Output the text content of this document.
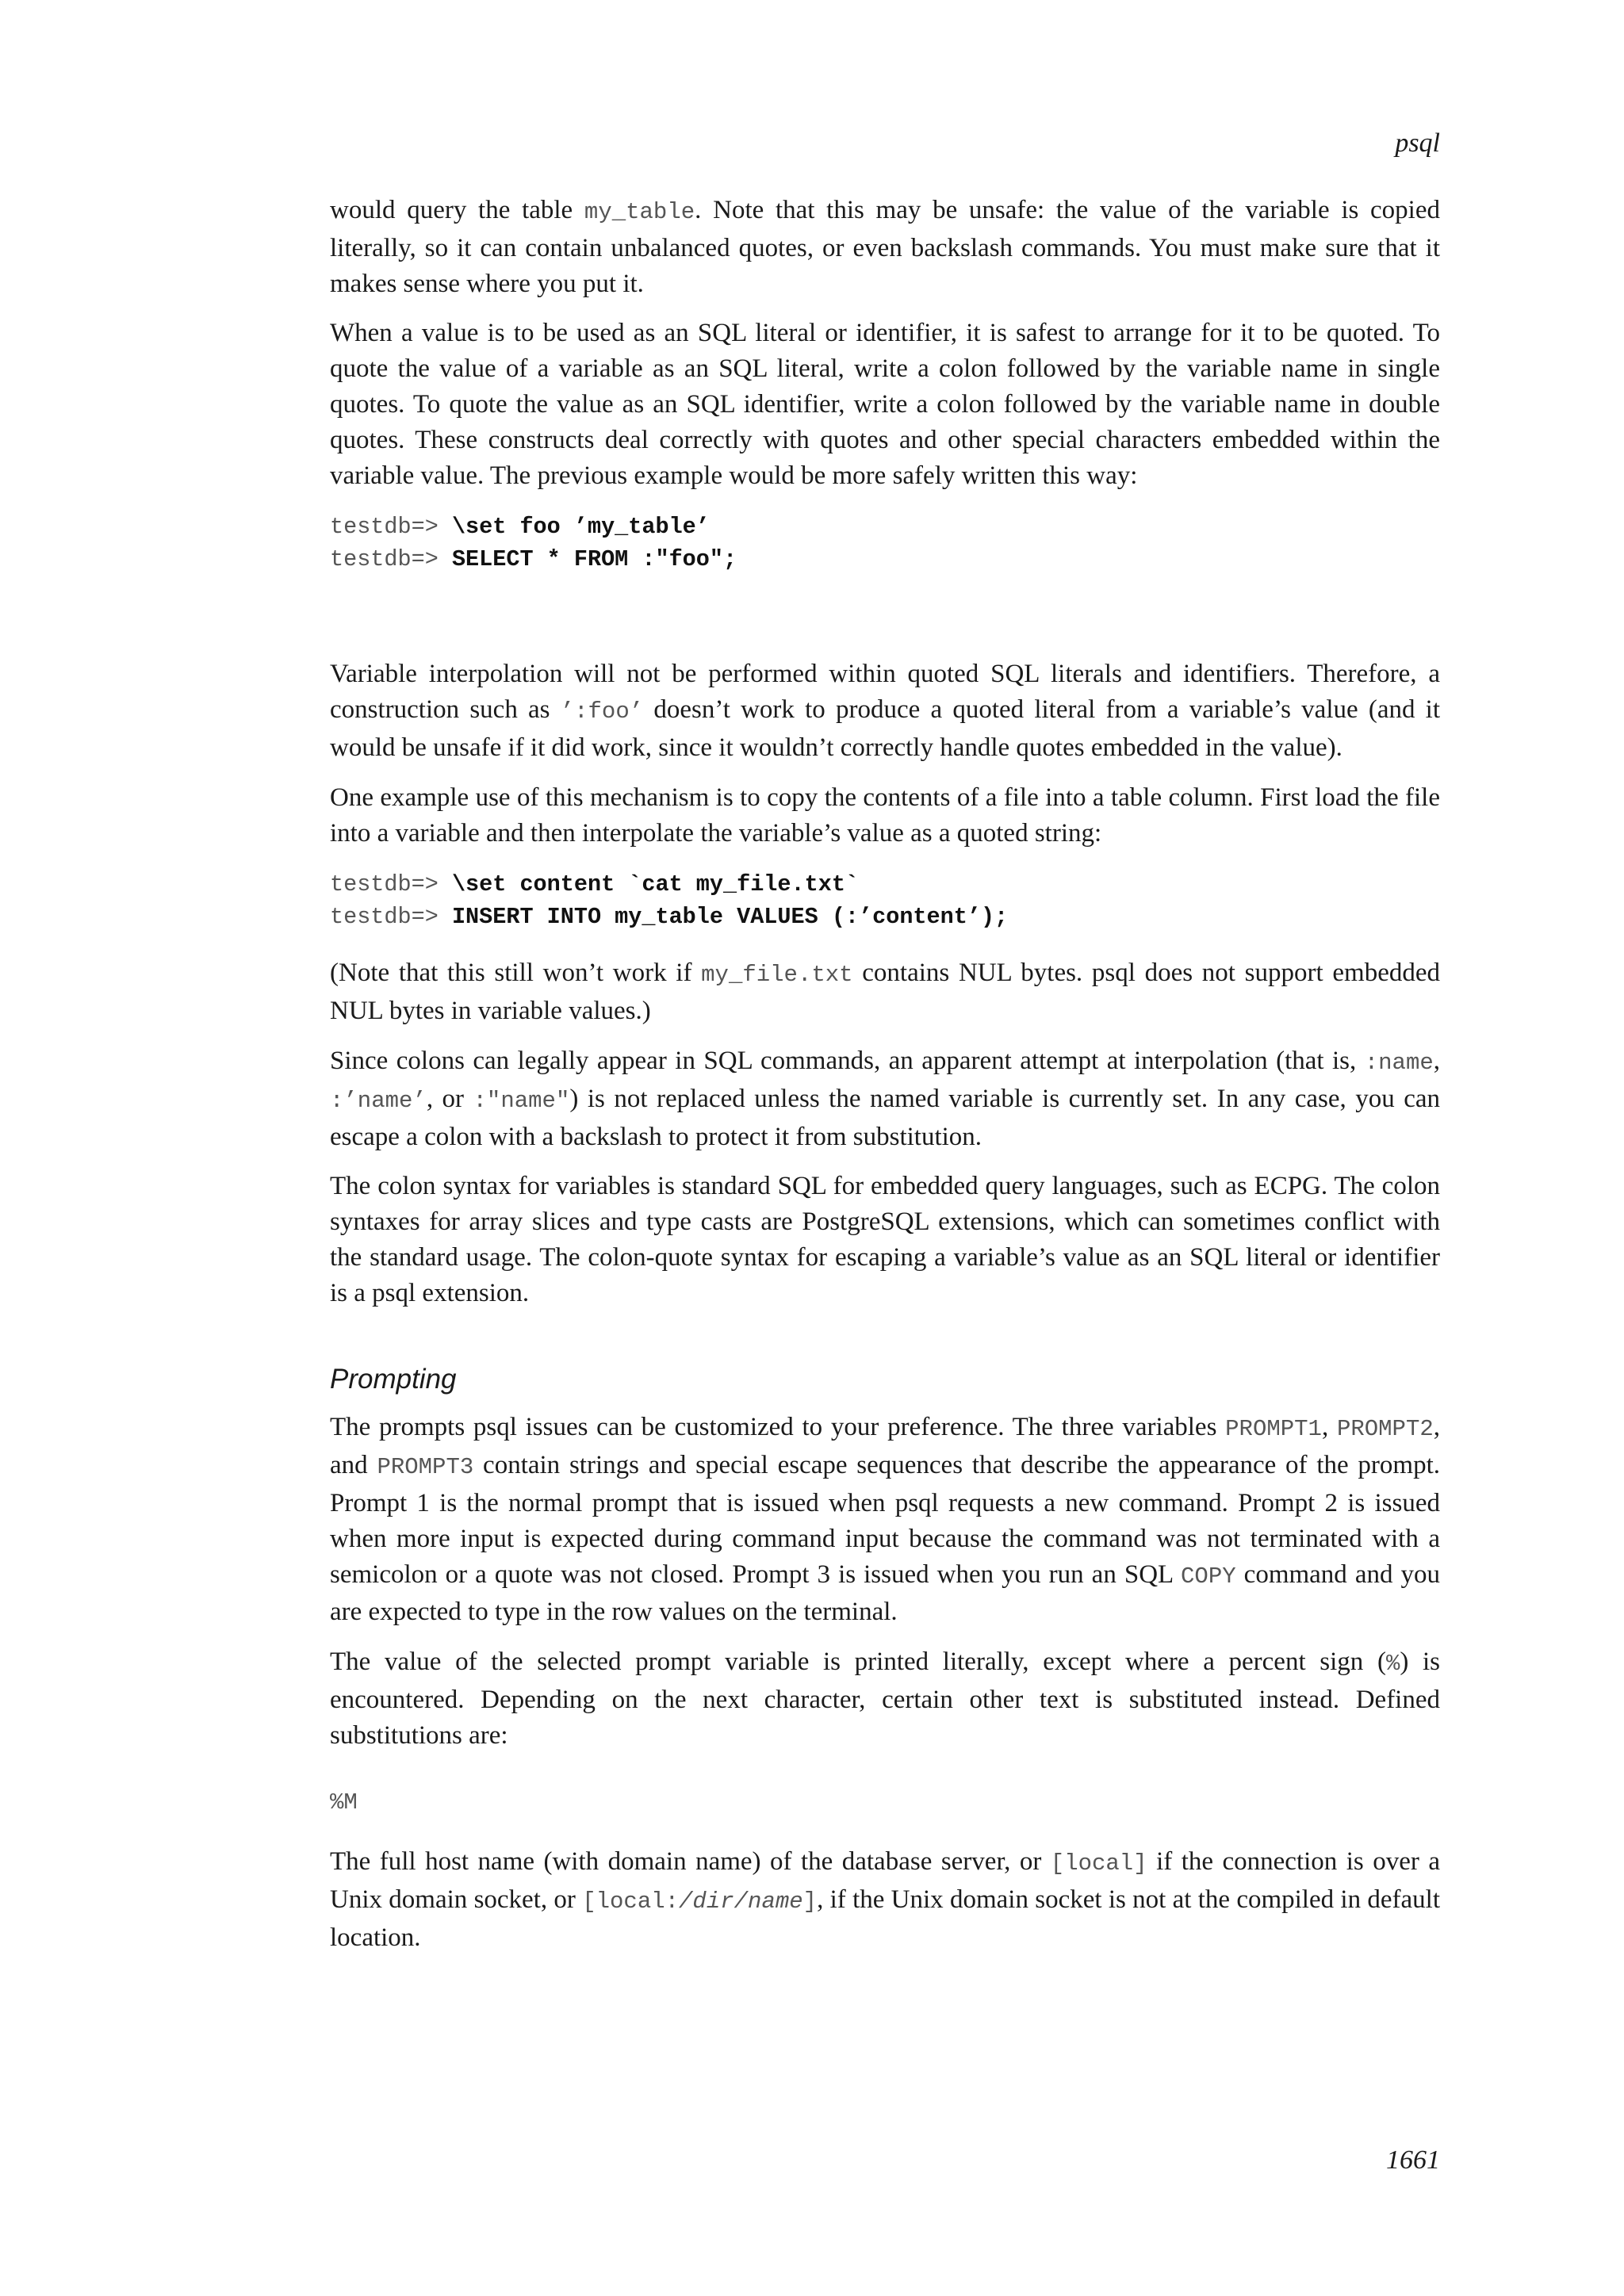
psql

would query the table my_table. Note that this may be unsafe: the value of the variable is copied literally, so it can contain unbalanced quotes, or even backslash commands. You must make sure that it makes sense where you put it.

When a value is to be used as an SQL literal or identifier, it is safest to arrange for it to be quoted. To quote the value of a variable as an SQL literal, write a colon followed by the variable name in single quotes. To quote the value as an SQL identifier, write a colon followed by the variable name in double quotes. These constructs deal correctly with quotes and other special characters embedded within the variable value. The previous example would be more safely written this way:

testdb=> \set foo ’my_table’
testdb=> SELECT * FROM :"foo";

Variable interpolation will not be performed within quoted SQL literals and identifiers. Therefore, a construction such as ’:foo’ doesn’t work to produce a quoted literal from a variable’s value (and it would be unsafe if it did work, since it wouldn’t correctly handle quotes embedded in the value).

One example use of this mechanism is to copy the contents of a file into a table column. First load the file into a variable and then interpolate the variable’s value as a quoted string:

testdb=> \set content `cat my_file.txt`
testdb=> INSERT INTO my_table VALUES (:’content’);

(Note that this still won’t work if my_file.txt contains NUL bytes. psql does not support embedded NUL bytes in variable values.)

Since colons can legally appear in SQL commands, an apparent attempt at interpolation (that is, :name, :’name’, or :"name") is not replaced unless the named variable is currently set. In any case, you can escape a colon with a backslash to protect it from substitution.

The colon syntax for variables is standard SQL for embedded query languages, such as ECPG. The colon syntaxes for array slices and type casts are PostgreSQL extensions, which can sometimes conflict with the standard usage. The colon-quote syntax for escaping a variable’s value as an SQL literal or identifier is a psql extension.

Prompting

The prompts psql issues can be customized to your preference. The three variables PROMPT1, PROMPT2, and PROMPT3 contain strings and special escape sequences that describe the appearance of the prompt. Prompt 1 is the normal prompt that is issued when psql requests a new command. Prompt 2 is issued when more input is expected during command input because the command was not terminated with a semicolon or a quote was not closed. Prompt 3 is issued when you run an SQL COPY command and you are expected to type in the row values on the terminal.

The value of the selected prompt variable is printed literally, except where a percent sign (%) is encountered. Depending on the next character, certain other text is substituted instead. Defined substitutions are:

%M

The full host name (with domain name) of the database server, or [local] if the connection is over a Unix domain socket, or [local:/dir/name], if the Unix domain socket is not at the compiled in default location.

1661
